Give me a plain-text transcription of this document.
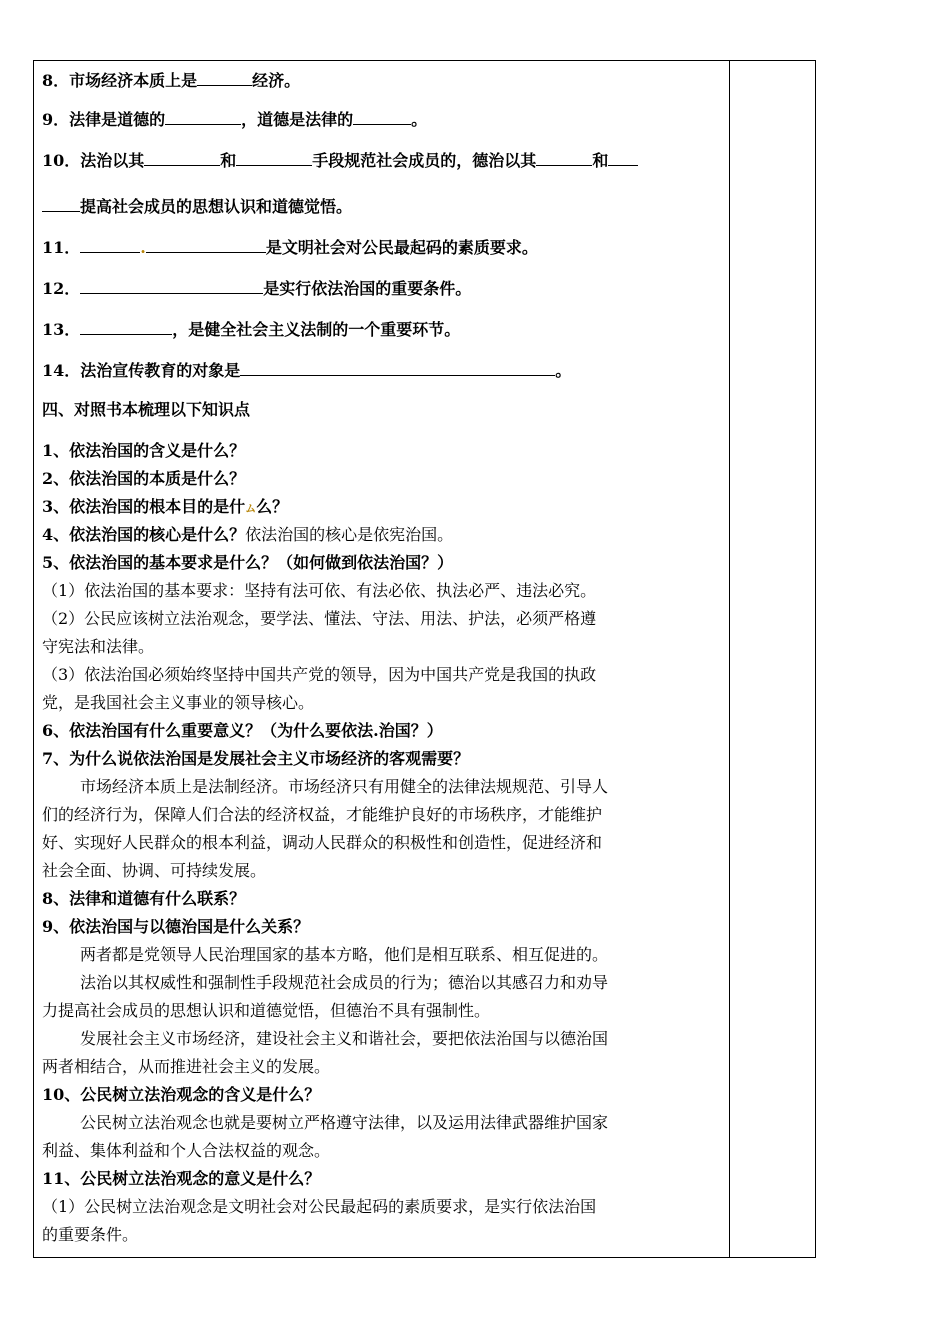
8．市场经济本质上是	经济。
9．法律是道德的	，道德是法律的	。
10．法治以其	和	手段规范社会成员的，德治以其	和
提高社会成员的思想认识和道德觉悟。
11．	.	是文明社会对公民最起码的素质要求。
12．	是实行依法治国的重要条件。
13．	，是健全社会主义法制的一个重要环节。
14．法治宣传教育的对象是	。
四、对照书本梳理以下知识点
1、依法治国的含义是什么？
2、依法治国的本质是什么？
3、依法治国的根本目的是什ム么？
4、依法治国的核心是什么？依法治国的核心是依宪治国。
5、依法治国的基本要求是什么？（如何做到依法治国？）
（1）依法治国的基本要求：坚持有法可依、有法必依、执法必严、违法必究。
（2）公民应该树立法治观念，要学法、懂法、守法、用法、护法，必须严格遵
守宪法和法律。
（3）依法治国必须始终坚持中国共产党的领导，因为中国共产党是我国的执政
党，是我国社会主义事业的领导核心。
6、依法治国有什么重要意义？（为什么要依法.治国？）
7、为什么说依法治国是发展社会主义市场经济的客观需要？
市场经济本质上是法制经济。市场经济只有用健全的法律法规规范、引导人
们的经济行为，保障人们合法的经济权益，才能维护良好的市场秩序，才能维护
好、实现好人民群众的根本利益，调动人民群众的积极性和创造性，促进经济和
社会全面、协调、可持续发展。
8、法律和道德有什么联系？
9、依法治国与以德治国是什么关系？
两者都是党领导人民治理国家的基本方略，他们是相互联系、相互促进的。
法治以其权威性和强制性手段规范社会成员的行为；德治以其感召力和劝导
力提高社会成员的思想认识和道德觉悟，但德治不具有强制性。
发展社会主义市场经济，建设社会主义和谐社会，要把依法治国与以德治国
两者相结合，从而推进社会主义的发展。
10、公民树立法治观念的含义是什么？
公民树立法治观念也就是要树立严格遵守法律，以及运用法律武器维护国家
利益、集体利益和个人合法权益的观念。
11、公民树立法治观念的意义是什么？
（1）公民树立法治观念是文明社会对公民最起码的素质要求，是实行依法治国
的重要条件。
